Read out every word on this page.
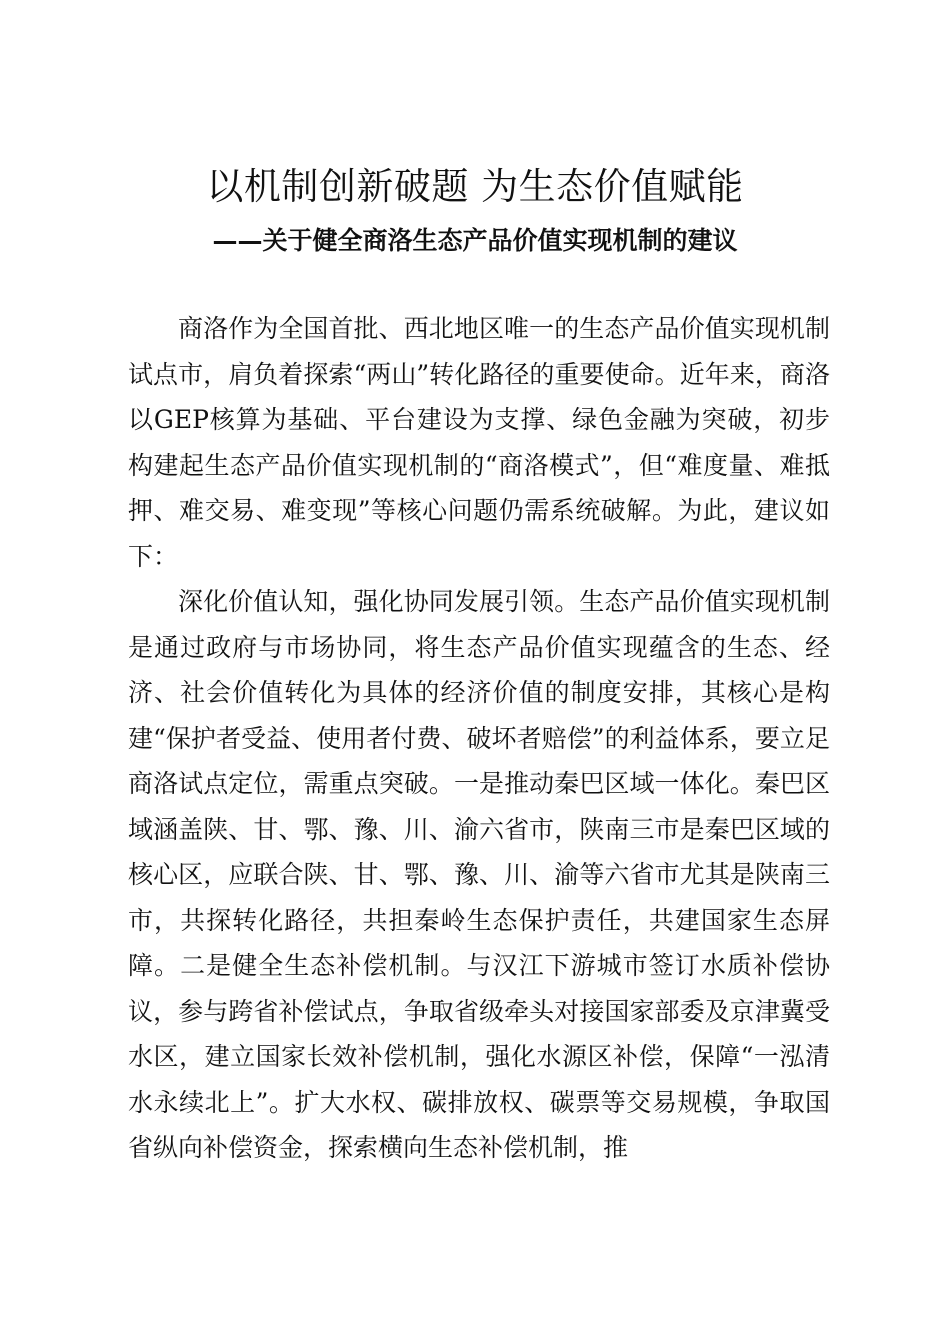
以机制创新破题 为生态价值赋能
——关于健全商洛生态产品价值实现机制的建议

商洛作为全国首批、西北地区唯一的生态产品价值实现机制试点市，肩负着探索“两山”转化路径的重要使命。近年来，商洛以GEP核算为基础、平台建设为支撑、绿色金融为突破，初步构建起生态产品价值实现机制的“商洛模式”，但“难度量、难抵押、难交易、难变现”等核心问题仍需系统破解。为此，建议如下：

深化价值认知，强化协同发展引领。生态产品价值实现机制是通过政府与市场协同，将生态产品价值实现蕴含的生态、经济、社会价值转化为具体的经济价值的制度安排，其核心是构建“保护者受益、使用者付费、破坏者赔偿”的利益体系，要立足商洛试点定位，需重点突破。一是推动秦巴区域一体化。秦巴区域涵盖陕、甘、鄂、豫、川、渝六省市，陕南三市是秦巴区域的核心区，应联合陕、甘、鄂、豫、川、渝等六省市尤其是陕南三市，共探转化路径，共担秦岭生态保护责任，共建国家生态屏障。二是健全生态补偿机制。与汉江下游城市签订水质补偿协议，参与跨省补偿试点，争取省级牵头对接国家部委及京津冀受水区，建立国家长效补偿机制，强化水源区补偿，保障“一泓清水永续北上”。扩大水权、碳排放权、碳票等交易规模，争取国省纵向补偿资金，探索横向生态补偿机制，推
